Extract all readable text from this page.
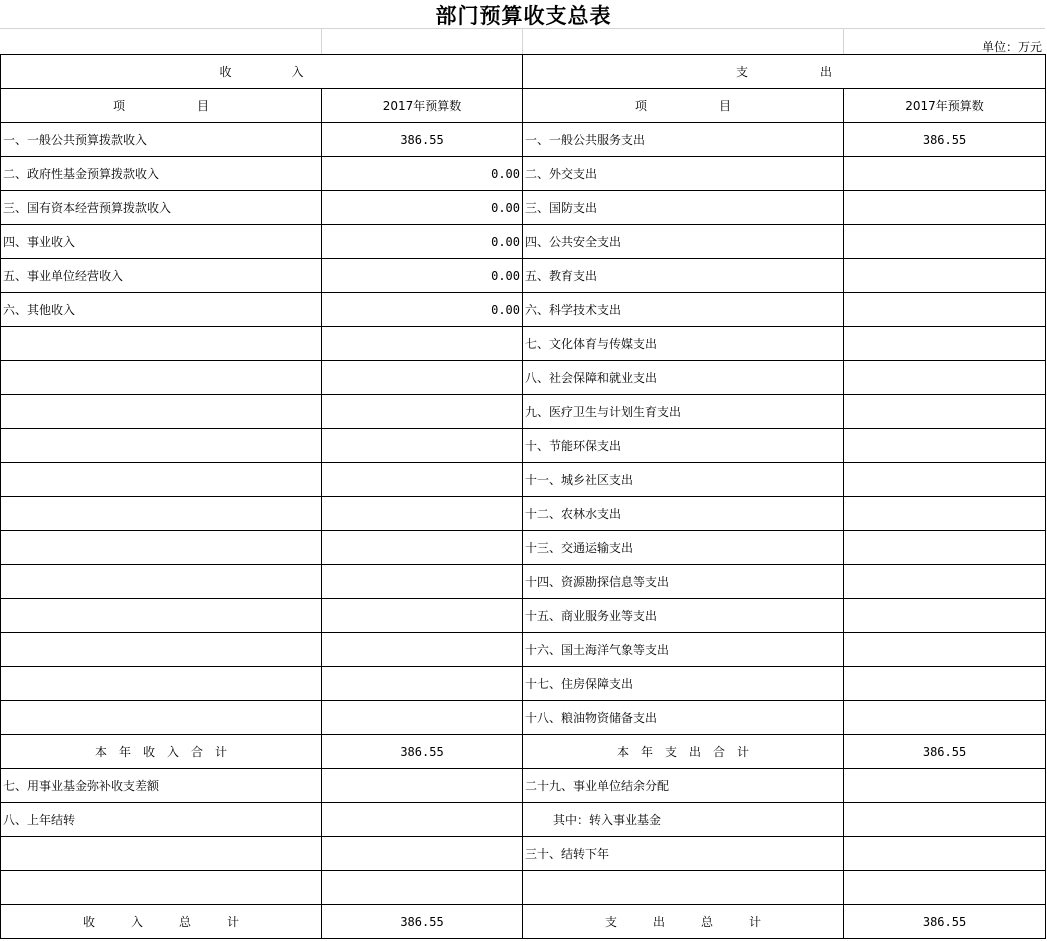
部门预算收支总表
单位：万元
收　　　　　入		支　　　　　　出	
项　　　　　　目	2017年预算数	项　　　　　　目	2017年预算数
一、一般公共预算拨款收入	386.55	一、一般公共服务支出	386.55
二、政府性基金预算拨款收入	0.00	二、外交支出	
三、国有资本经营预算拨款收入	0.00	三、国防支出	
四、事业收入	0.00	四、公共安全支出	
五、事业单位经营收入	0.00	五、教育支出	
六、其他收入	0.00	六、科学技术支出	
		七、文化体育与传媒支出	
		八、社会保障和就业支出	
		九、医疗卫生与计划生育支出	
		十、节能环保支出	
		十一、城乡社区支出	
		十二、农林水支出	
		十三、交通运输支出	
		十四、资源勘探信息等支出	
		十五、商业服务业等支出	
		十六、国土海洋气象等支出	
		十七、住房保障支出	
		十八、粮油物资储备支出	
本　年　收　入　合　计	386.55	本　年　支　出　合　计	386.55
七、用事业基金弥补收支差额		二十九、事业单位结余分配	
八、上年结转		其中：转入事业基金	
		三十、结转下年	

收　　　入　　　总　　　计	386.55	支　　　出　　　总　　　计	386.55
